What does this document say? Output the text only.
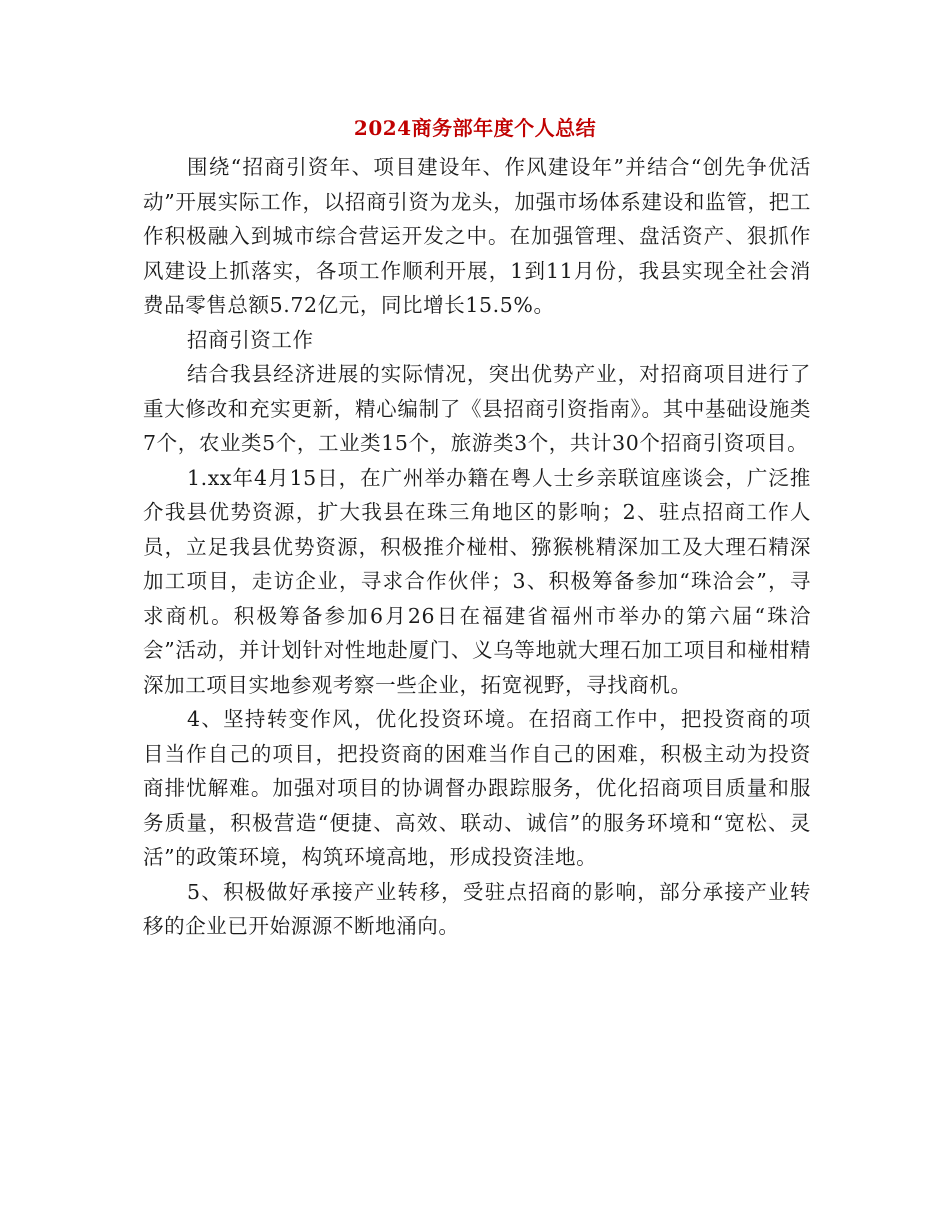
2024商务部年度个人总结

围绕“招商引资年、项目建设年、作风建设年”并结合“创先争优活动”开展实际工作，以招商引资为龙头，加强市场体系建设和监管，把工作积极融入到城市综合营运开发之中。在加强管理、盘活资产、狠抓作风建设上抓落实，各项工作顺利开展，1到11月份，我县实现全社会消费品零售总额5.72亿元，同比增长15.5%。

招商引资工作

结合我县经济进展的实际情况，突出优势产业，对招商项目进行了重大修改和充实更新，精心编制了《县招商引资指南》。其中基础设施类7个，农业类5个，工业类15个，旅游类3个，共计30个招商引资项目。

1.xx年4月15日，在广州举办籍在粤人士乡亲联谊座谈会，广泛推介我县优势资源，扩大我县在珠三角地区的影响；2、驻点招商工作人员，立足我县优势资源，积极推介椪柑、猕猴桃精深加工及大理石精深加工项目，走访企业，寻求合作伙伴；3、积极筹备参加“珠洽会”，寻求商机。积极筹备参加6月26日在福建省福州市举办的第六届“珠洽会”活动，并计划针对性地赴厦门、义乌等地就大理石加工项目和椪柑精深加工项目实地参观考察一些企业，拓宽视野，寻找商机。

4、坚持转变作风，优化投资环境。在招商工作中，把投资商的项目当作自己的项目，把投资商的困难当作自己的困难，积极主动为投资商排忧解难。加强对项目的协调督办跟踪服务，优化招商项目质量和服务质量，积极营造“便捷、高效、联动、诚信”的服务环境和“宽松、灵活”的政策环境，构筑环境高地，形成投资洼地。

5、积极做好承接产业转移，受驻点招商的影响，部分承接产业转移的企业已开始源源不断地涌向。
